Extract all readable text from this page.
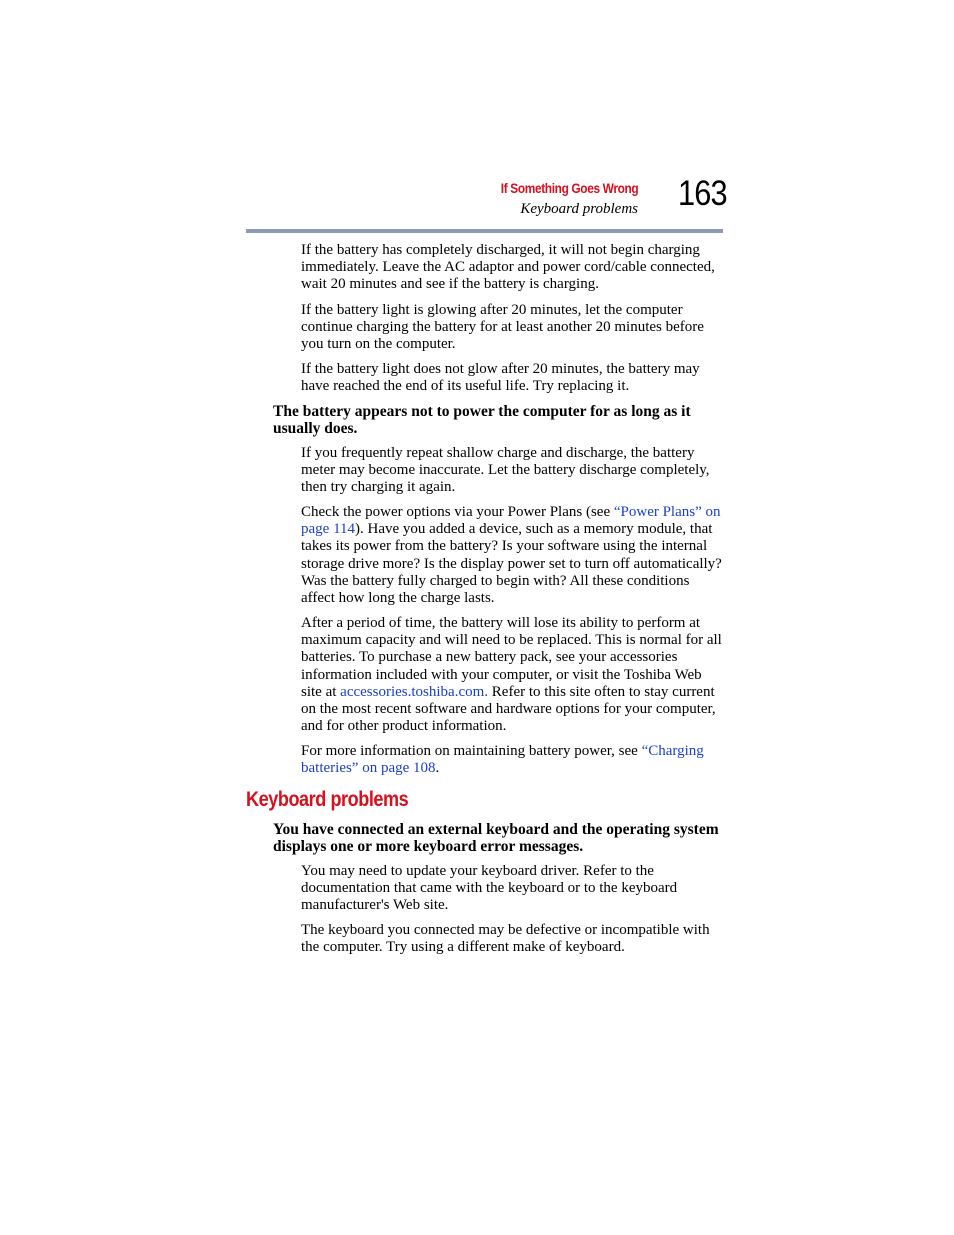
If Something Goes Wrong
Keyboard problems 163

If the battery has completely discharged, it will not begin charging immediately. Leave the AC adaptor and power cord/cable connected, wait 20 minutes and see if the battery is charging.

If the battery light is glowing after 20 minutes, let the computer continue charging the battery for at least another 20 minutes before you turn on the computer.

If the battery light does not glow after 20 minutes, the battery may have reached the end of its useful life. Try replacing it.

The battery appears not to power the computer for as long as it usually does.

If you frequently repeat shallow charge and discharge, the battery meter may become inaccurate. Let the battery discharge completely, then try charging it again.

Check the power options via your Power Plans (see “Power Plans” on page 114). Have you added a device, such as a memory module, that takes its power from the battery? Is your software using the internal storage drive more? Is the display power set to turn off automatically? Was the battery fully charged to begin with? All these conditions affect how long the charge lasts.

After a period of time, the battery will lose its ability to perform at maximum capacity and will need to be replaced. This is normal for all batteries. To purchase a new battery pack, see your accessories information included with your computer, or visit the Toshiba Web site at accessories.toshiba.com. Refer to this site often to stay current on the most recent software and hardware options for your computer, and for other product information.

For more information on maintaining battery power, see “Charging batteries” on page 108.

Keyboard problems

You have connected an external keyboard and the operating system displays one or more keyboard error messages.

You may need to update your keyboard driver. Refer to the documentation that came with the keyboard or to the keyboard manufacturer's Web site.

The keyboard you connected may be defective or incompatible with the computer. Try using a different make of keyboard.
